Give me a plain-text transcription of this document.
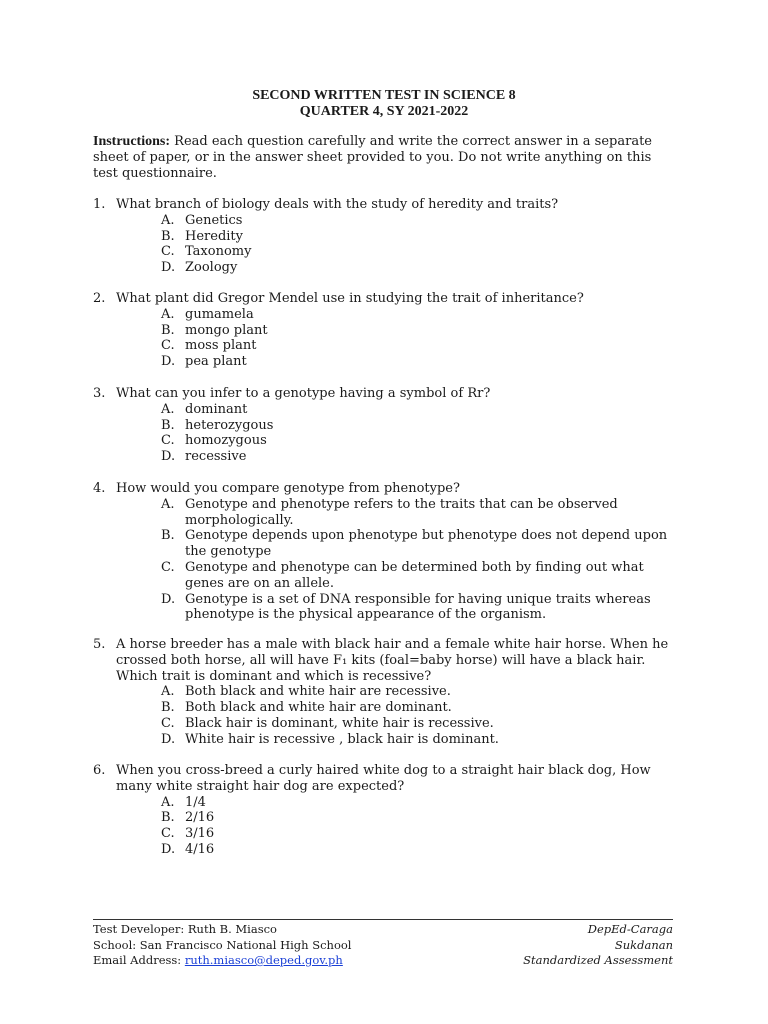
SECOND WRITTEN TEST IN SCIENCE 8
QUARTER 4, SY 2021-2022
Instructions: Read each question carefully and write the correct answer in a separate sheet of paper, or in the answer sheet provided to you. Do not write anything on this test questionnaire.
1. What branch of biology deals with the study of heredity and traits?
A. Genetics
B. Heredity
C. Taxonomy
D. Zoology
2. What plant did Gregor Mendel use in studying the trait of inheritance?
A. gumamela
B. mongo plant
C. moss plant
D. pea plant
3. What can you infer to a genotype having a symbol of Rr?
A. dominant
B. heterozygous
C. homozygous
D. recessive
4. How would you compare genotype from phenotype?
A. Genotype and phenotype refers to the traits that can be observed morphologically.
B. Genotype depends upon phenotype but phenotype does not depend upon the genotype
C. Genotype and phenotype can be determined both by finding out what genes are on an allele.
D. Genotype is a set of DNA responsible for having unique traits whereas phenotype is the physical appearance of the organism.
5. A horse breeder has a male with black hair and a female white hair horse. When he crossed both horse, all will have F₁ kits (foal=baby horse) will have a black hair. Which trait is dominant and which is recessive?
A. Both black and white hair are recessive.
B. Both black and white hair are dominant.
C. Black hair is dominant, white hair is recessive.
D. White hair is recessive , black hair is dominant.
6. When you cross-breed a curly haired white dog to a straight hair black dog, How many white straight hair dog are expected?
A. 1/4
B. 2/16
C. 3/16
D. 4/16
Test Developer: Ruth B. Miasco
School: San Francisco National High School
Email Address: ruth.miasco@deped.gov.ph
DepEd-Caraga
Sukdanan
Standardized Assessment
